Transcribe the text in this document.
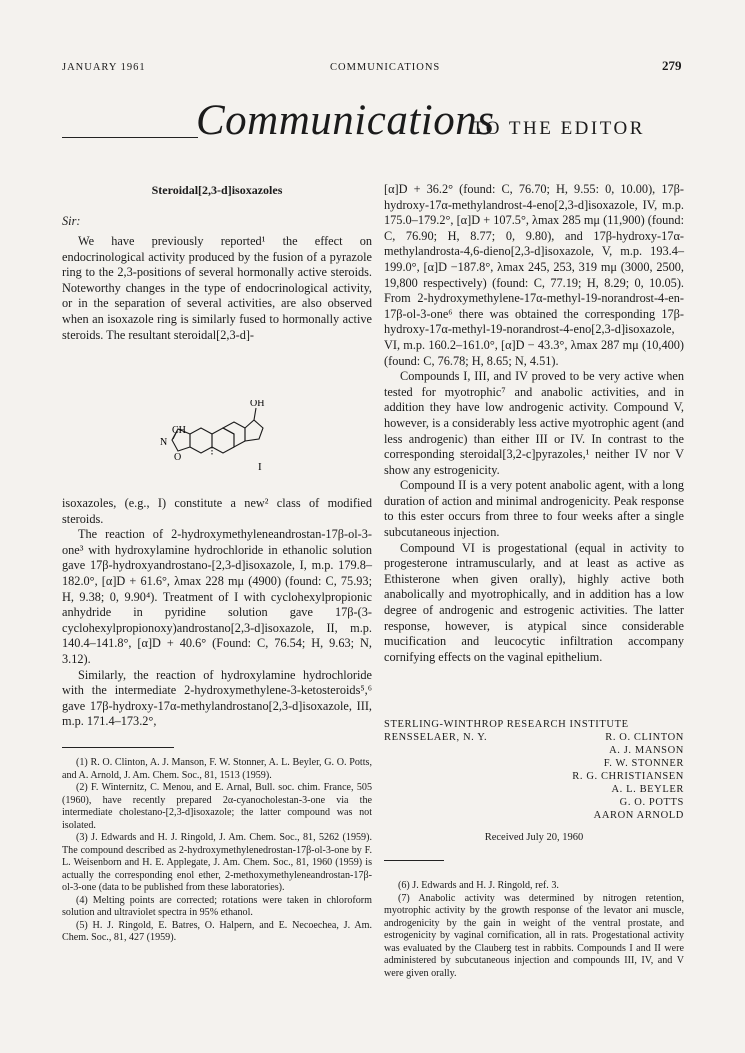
JANUARY 1961	COMMUNICATIONS	279
Communications
TO THE EDITOR
Steroidal[2,3-d]isoxazoles
Sir:

We have previously reported¹ the effect on endocrinological activity produced by the fusion of a pyrazole ring to the 2,3-positions of several hormonally active steroids. Noteworthy changes in the type of endocrinological activity, or in the separation of several activities, are also observed when an isoxazole ring is similarly fused to hormonally active steroids. The resultant steroidal[2,3-d]-

OH
CH
N
O
I

isoxazoles, (e.g., I) constitute a new² class of modified steroids.

The reaction of 2-hydroxymethyleneandrostan-17β-ol-3-one³ with hydroxylamine hydrochloride in ethanolic solution gave 17β-hydroxyandrostano-[2,3-d]isoxazole, I, m.p. 179.8–182.0°, [α]D + 61.6°, λmax 228 mμ (4900) (found: C, 75.93; H, 9.38; 0, 9.90⁴). Treatment of I with cyclohexylpropionic anhydride in pyridine solution gave 17β-(3-cyclohexylpropionoxy)androstano[2,3-d]isoxazole, II, m.p. 140.4–141.8°, [α]D + 40.6° (Found: C, 76.54; H, 9.63; N, 3.12).

Similarly, the reaction of hydroxylamine hydrochloride with the intermediate 2-hydroxymethylene-3-ketosteroids⁵,⁶ gave 17β-hydroxy-17α-methylandrostano[2,3-d]isoxazole, III, m.p. 171.4–173.2°,

(1) R. O. Clinton, A. J. Manson, F. W. Stonner, A. L. Beyler, G. O. Potts, and A. Arnold, J. Am. Chem. Soc., 81, 1513 (1959).

(2) F. Winternitz, C. Menou, and E. Arnal, Bull. soc. chim. France, 505 (1960), have recently prepared 2α-cyanocholestan-3-one via the intermediate cholestano-[2,3-d]isoxazole; the latter compound was not isolated.

(3) J. Edwards and H. J. Ringold, J. Am. Chem. Soc., 81, 5262 (1959). The compound described as 2-hydroxymethylenedrostan-17β-ol-3-one by F. L. Weisenborn and H. E. Applegate, J. Am. Chem. Soc., 81, 1960 (1959) is actually the corresponding enol ether, 2-methoxymethyleneandrostan-17β-ol-3-one (data to be published from these laboratories).

(4) Melting points are corrected; rotations were taken in chloroform solution and ultraviolet spectra in 95% ethanol.

(5) H. J. Ringold, E. Batres, O. Halpern, and E. Necoechea, J. Am. Chem. Soc., 81, 427 (1959).

[α]D + 36.2° (found: C, 76.70; H, 9.55: 0, 10.00), 17β-hydroxy-17α-methylandrost-4-eno[2,3-d]isoxazole, IV, m.p. 175.0–179.2°, [α]D + 107.5°, λmax 285 mμ (11,900) (found: C, 76.90; H, 8.77; 0, 9.80), and 17β-hydroxy-17α-methylandrosta-4,6-dieno[2,3-d]isoxazole, V, m.p. 193.4–199.0°, [α]D −187.8°, λmax 245, 253, 319 mμ (3000, 2500, 19,800 respectively) (found: C, 77.19; H, 8.29; 0, 10.05). From 2-hydroxymethylene-17α-methyl-19-norandrost-4-en-17β-ol-3-one⁶ there was obtained the corresponding 17β-hydroxy-17α-methyl-19-norandrost-4-eno[2,3-d]isoxazole, VI, m.p. 160.2–161.0°, [α]D − 43.3°, λmax 287 mμ (10,400) (found: C, 76.78; H, 8.65; N, 4.51).

Compounds I, III, and IV proved to be very active when tested for myotrophic⁷ and anabolic activities, and in addition they have low androgenic activity. Compound V, however, is a considerably less active myotrophic agent (and less androgenic) than either III or IV. In contrast to the corresponding steroidal[3,2-c]pyrazoles,¹ neither IV nor V show any estrogenicity.

Compound II is a very potent anabolic agent, with a long duration of action and minimal androgenicity. Peak response to this ester occurs from three to four weeks after a single subcutaneous injection.

Compound VI is progestational (equal in activity to progesterone intramuscularly, and at least as active as Ethisterone when given orally), highly active both anabolically and myotrophically, and in addition has a low degree of androgenic and estrogenic activities. The latter response, however, is atypical since considerable mucification and leucocytic infiltration accompany cornifying effects on the vaginal epithelium.

STERLING-WINTHROP RESEARCH INSTITUTE
RENSSELAER, N. Y.	R. O. CLINTON
A. J. MANSON
F. W. STONNER
R. G. CHRISTIANSEN
A. L. BEYLER
G. O. POTTS
AARON ARNOLD
Received July 20, 1960

(6) J. Edwards and H. J. Ringold, ref. 3.

(7) Anabolic activity was determined by nitrogen retention, myotrophic activity by the growth response of the levator ani muscle, androgenicity by the gain in weight of the ventral prostate, and estrogenicity by vaginal cornification, all in rats. Progestational activity was evaluated by the Clauberg test in rabbits. Compounds I and II were administered by subcutaneous injection and compounds III, IV, and V were given orally.
